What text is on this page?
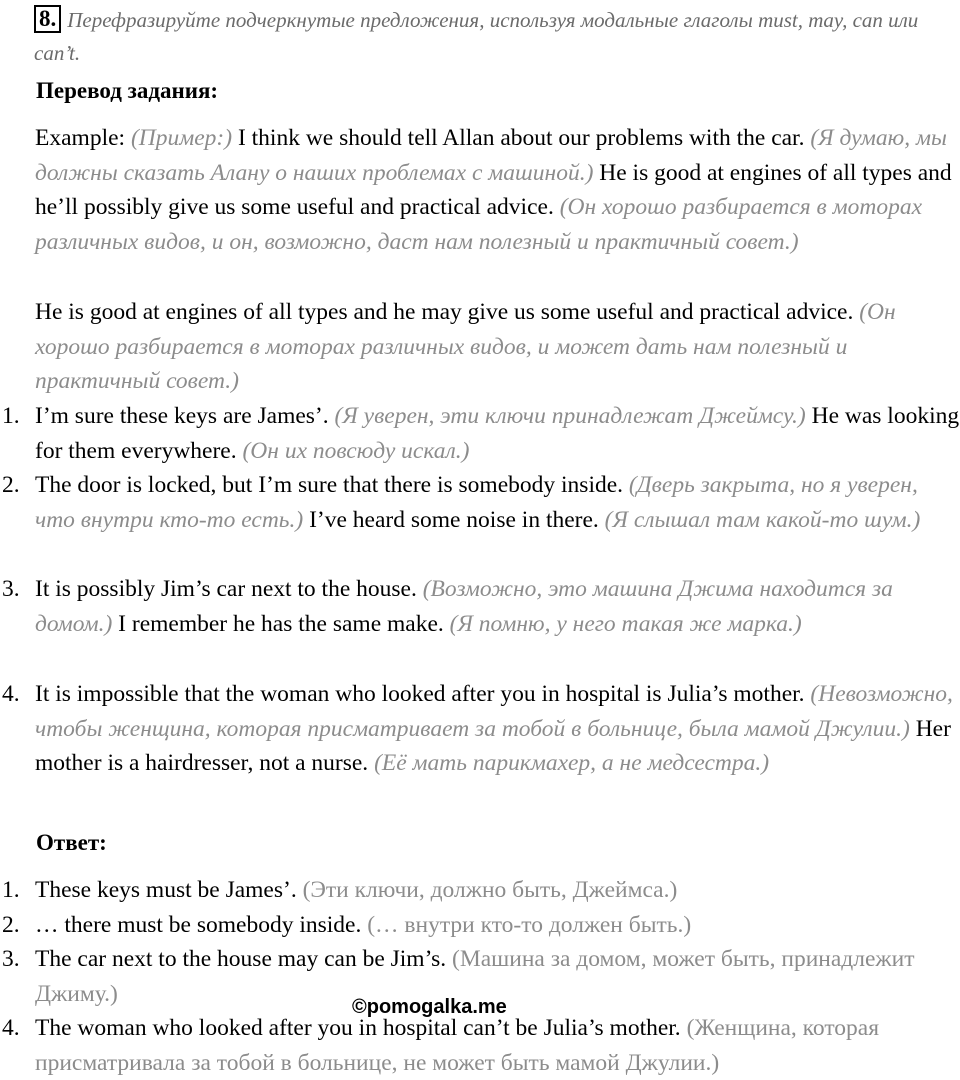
8. Перефразируйте подчеркнутые предложения, используя модальные глаголы must, may, can или can’t.
Перевод задания:
Example: (Пример:) I think we should tell Allan about our problems with the car. (Я думаю, мы должны сказать Алану о наших проблемах с машиной.) He is good at engines of all types and he’ll possibly give us some useful and practical advice. (Он хорошо разбирается в моторах различных видов, и он, возможно, даст нам полезный и практичный совет.)
He is good at engines of all types and he may give us some useful and practical advice. (Он хорошо разбирается в моторах различных видов, и может дать нам полезный и практичный совет.)
1. I’m sure these keys are James’. (Я уверен, эти ключи принадлежат Джеймсу.) He was looking for them everywhere. (Он их повсюду искал.)
2. The door is locked, but I’m sure that there is somebody inside. (Дверь закрыта, но я уверен, что внутри кто-то есть.) I’ve heard some noise in there. (Я слышал там какой-то шум.)
3. It is possibly Jim’s car next to the house. (Возможно, это машина Джима находится за домом.) I remember he has the same make. (Я помню, у него такая же марка.)
4. It is impossible that the woman who looked after you in hospital is Julia’s mother. (Невозможно, чтобы женщина, которая присматривает за тобой в больнице, была мамой Джулии.) Her mother is a hairdresser, not a nurse. (Её мать парикмахер, а не медсестра.)
Ответ:
1. These keys must be James’. (Эти ключи, должно быть, Джеймса.)
2. … there must be somebody inside. (… внутри кто-то должен быть.)
3. The car next to the house may can be Jim’s. (Машина за домом, может быть, принадлежит Джиму.)
4. The woman who looked after you in hospital can’t be Julia’s mother. (Женщина, которая присматривала за тобой в больнице, не может быть мамой Джулии.)
©pomogalka.me
